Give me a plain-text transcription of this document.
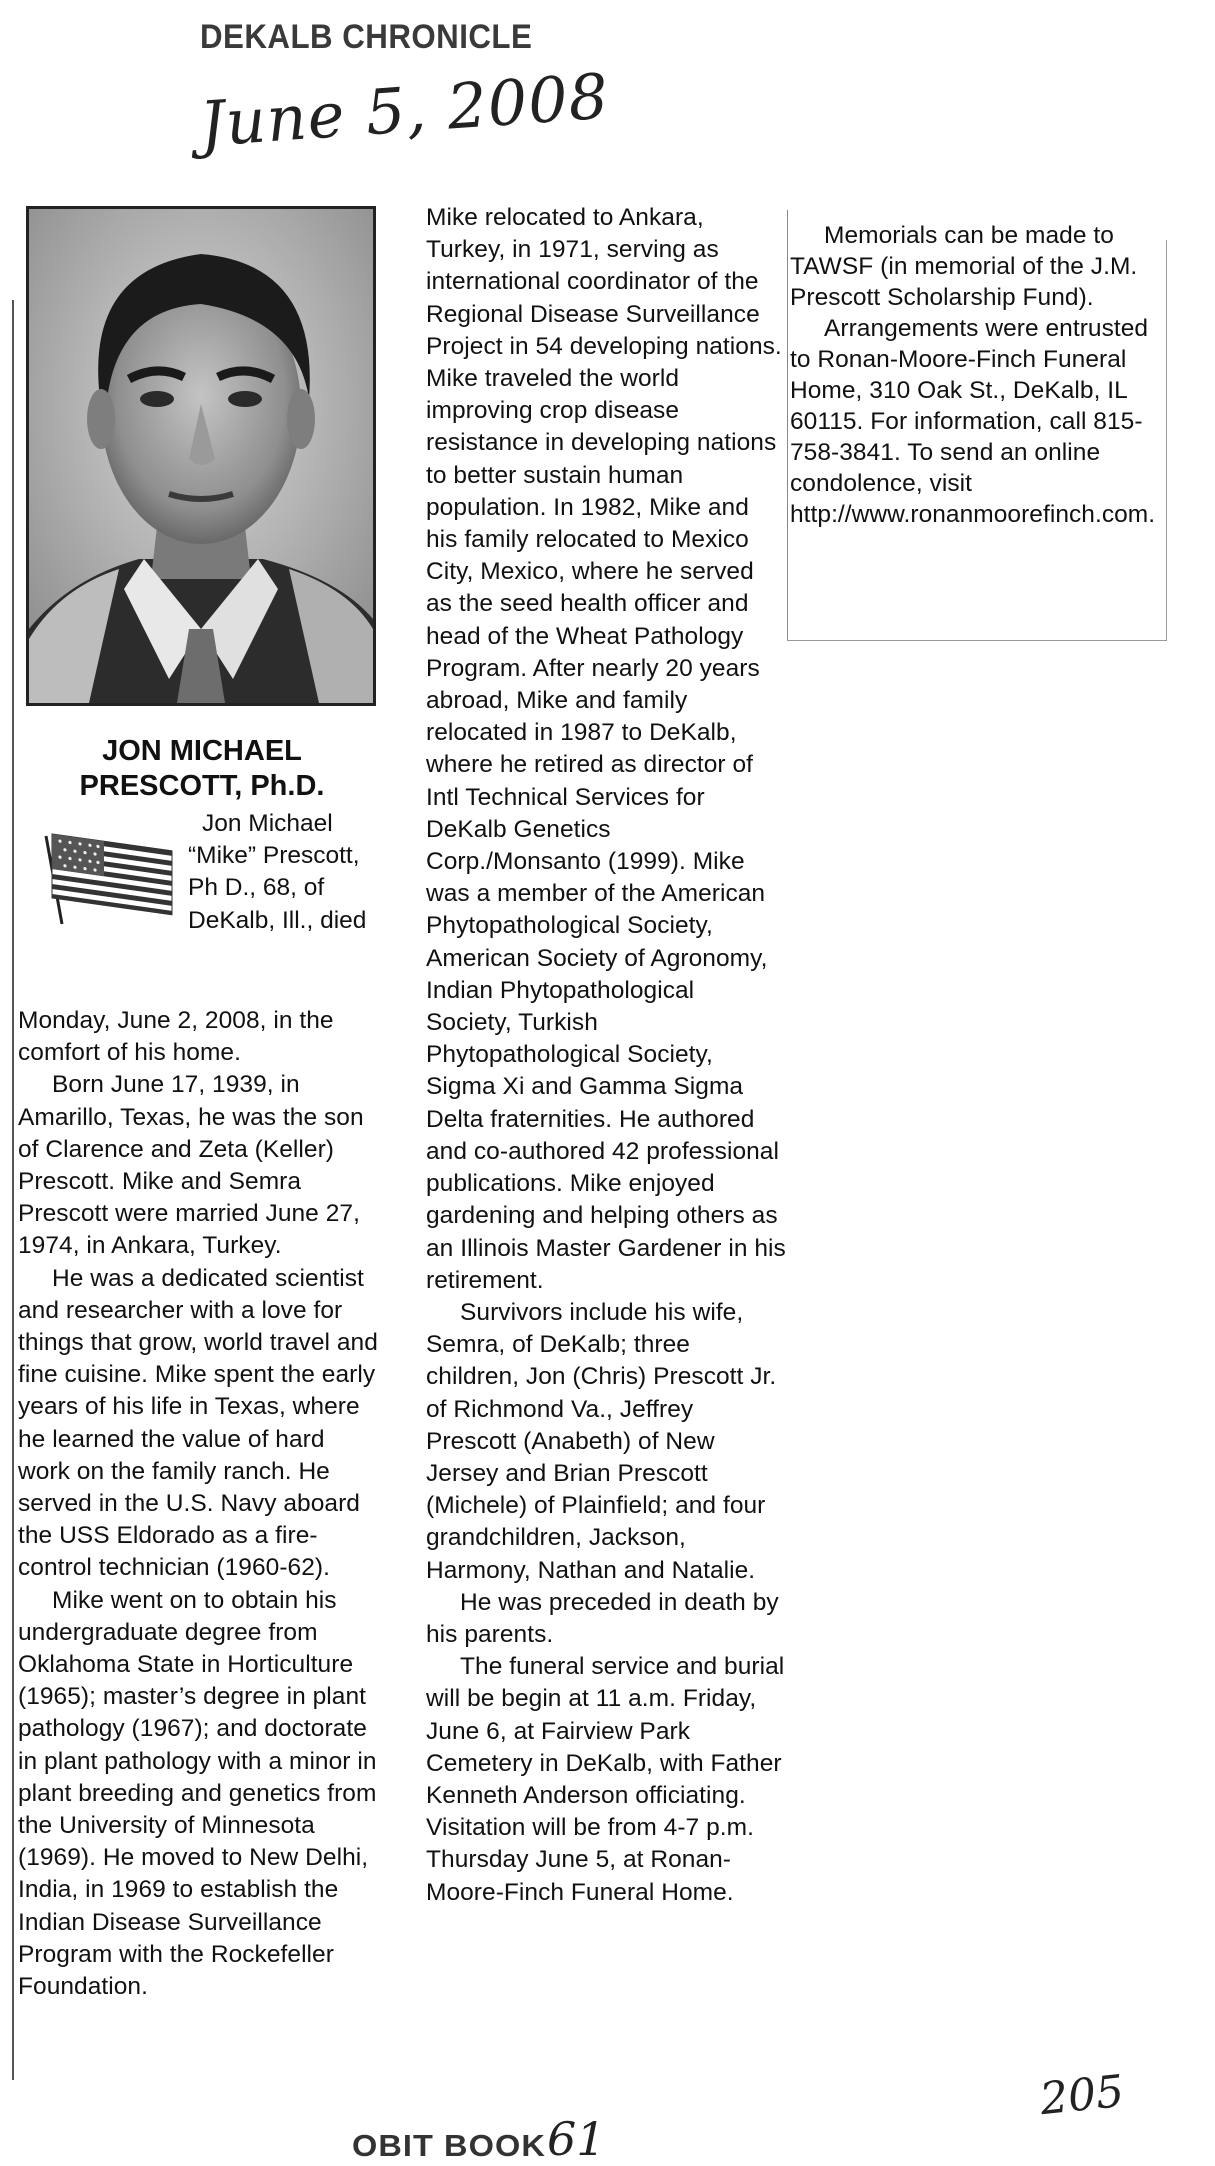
DEKALB CHRONICLE
June 5, 2008
JON MICHAEL PRESCOTT, Ph.D.

Jon Michael “Mike” Prescott, Ph D., 68, of DeKalb, Ill., died

Monday, June 2, 2008, in the comfort of his home.

Born June 17, 1939, in Amarillo, Texas, he was the son of Clarence and Zeta (Keller) Prescott. Mike and Semra Prescott were married June 27, 1974, in Ankara, Turkey.

He was a dedicated scientist and researcher with a love for things that grow, world travel and fine cuisine. Mike spent the early years of his life in Texas, where he learned the value of hard work on the family ranch. He served in the U.S. Navy aboard the USS Eldorado as a fire-control technician (1960-62).

Mike went on to obtain his undergraduate degree from Oklahoma State in Horticulture (1965); master’s degree in plant pathology (1967); and doctorate in plant pathology with a minor in plant breeding and genetics from the University of Minnesota (1969). He moved to New Delhi, India, in 1969 to establish the Indian Disease Surveillance Program with the Rockefeller Foundation.

Mike relocated to Ankara, Turkey, in 1971, serving as international coordinator of the Regional Disease Surveillance Project in 54 developing nations. Mike traveled the world improving crop disease resistance in developing nations to better sustain human population. In 1982, Mike and his family relocated to Mexico City, Mexico, where he served as the seed health officer and head of the Wheat Pathology Program. After nearly 20 years abroad, Mike and family relocated in 1987 to DeKalb, where he retired as director of Intl Technical Services for DeKalb Genetics Corp./Monsanto (1999). Mike was a member of the American Phytopathological Society, American Society of Agronomy, Indian Phytopathological Society, Turkish Phytopathological Society, Sigma Xi and Gamma Sigma Delta fraternities. He authored and co-authored 42 professional publications. Mike enjoyed gardening and helping others as an Illinois Master Gardener in his retirement.

Survivors include his wife, Semra, of DeKalb; three children, Jon (Chris) Prescott Jr. of Richmond Va., Jeffrey Prescott (Anabeth) of New Jersey and Brian Prescott (Michele) of Plainfield; and four grandchildren, Jackson, Harmony, Nathan and Natalie.

He was preceded in death by his parents.

The funeral service and burial will be begin at 11 a.m. Friday, June 6, at Fairview Park Cemetery in DeKalb, with Father Kenneth Anderson officiating. Visitation will be from 4-7 p.m. Thursday June 5, at Ronan-Moore-Finch Funeral Home.

Memorials can be made to TAWSF (in memorial of the J.M. Prescott Scholarship Fund).

Arrangements were entrusted to Ronan-Moore-Finch Funeral Home, 310 Oak St., DeKalb, IL 60115. For information, call 815-758-3841. To send an online condolence, visit http://www.ronanmoorefinch.com.

OBIT BOOK 61
205
